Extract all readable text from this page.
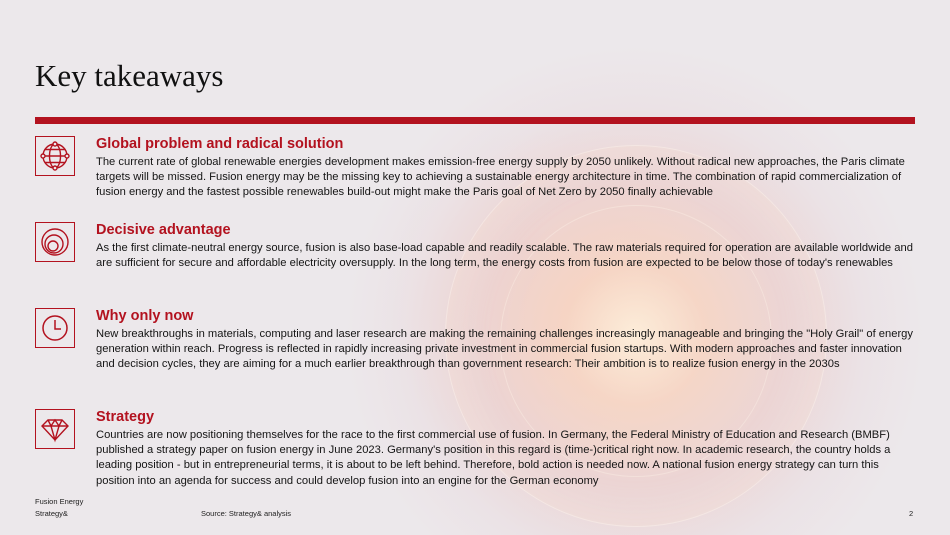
Key takeaways
Global problem and radical solution

The current rate of global renewable energies development makes emission-free energy supply by 2050 unlikely. Without radical new approaches, the Paris climate targets will be missed. Fusion energy may be the missing key to achieving a sustainable energy architecture in time. The combination of rapid commercialization of fusion energy and the fastest possible renewables build-out might make the Paris goal of Net Zero by 2050 finally achievable

Decisive advantage

As the first climate-neutral energy source, fusion is also base-load capable and readily scalable. The raw materials required for operation are available worldwide and are sufficient for secure and affordable electricity oversupply. In the long term, the energy costs from fusion are expected to be below those of today's renewables

Why only now

New breakthroughs in materials, computing and laser research are making the remaining challenges increasingly manageable and bringing the "Holy Grail" of energy generation within reach. Progress is reflected in rapidly increasing private investment in commercial fusion startups. With modern approaches and faster innovation and decision cycles, they are aiming for a much earlier breakthrough than government research: Their ambition is to realize fusion energy in the 2030s

Strategy

Countries are now positioning themselves for the race to the first commercial use of fusion. In Germany, the Federal Ministry of Education and Research (BMBF) published a strategy paper on fusion energy in June 2023. Germany's position in this regard is (time-)critical right now. In academic research, the country holds a leading position - but in entrepreneurial terms, it is about to be left behind. Therefore, bold action is needed now. A national fusion energy strategy can turn this position into an agenda for success and could develop fusion into an engine for the German economy

Fusion Energy
Strategy&	Source: Strategy& analysis	2
